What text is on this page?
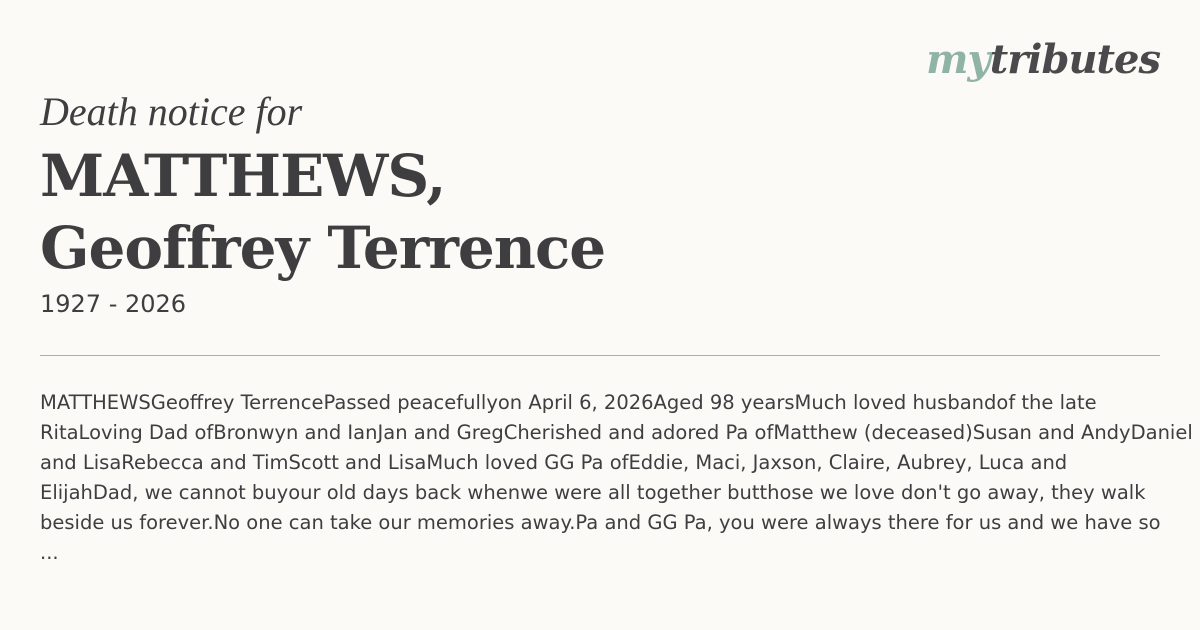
mytributes
Death notice for
MATTHEWS,
Geoffrey Terrence
1927 - 2026
MATTHEWSGeoffrey TerrencePassed peacefullyon April 6, 2026Aged 98 yearsMuch loved husbandof the late
RitaLoving Dad ofBronwyn and IanJan and GregCherished and adored Pa ofMatthew (deceased)Susan and AndyDaniel
and LisaRebecca and TimScott and LisaMuch loved GG Pa ofEddie, Maci, Jaxson, Claire, Aubrey, Luca and
ElijahDad, we cannot buyour old days back whenwe were all together butthose we love don't go away, they walk
beside us forever.No one can take our memories away.Pa and GG Pa, you were always there for us and we have so
...
